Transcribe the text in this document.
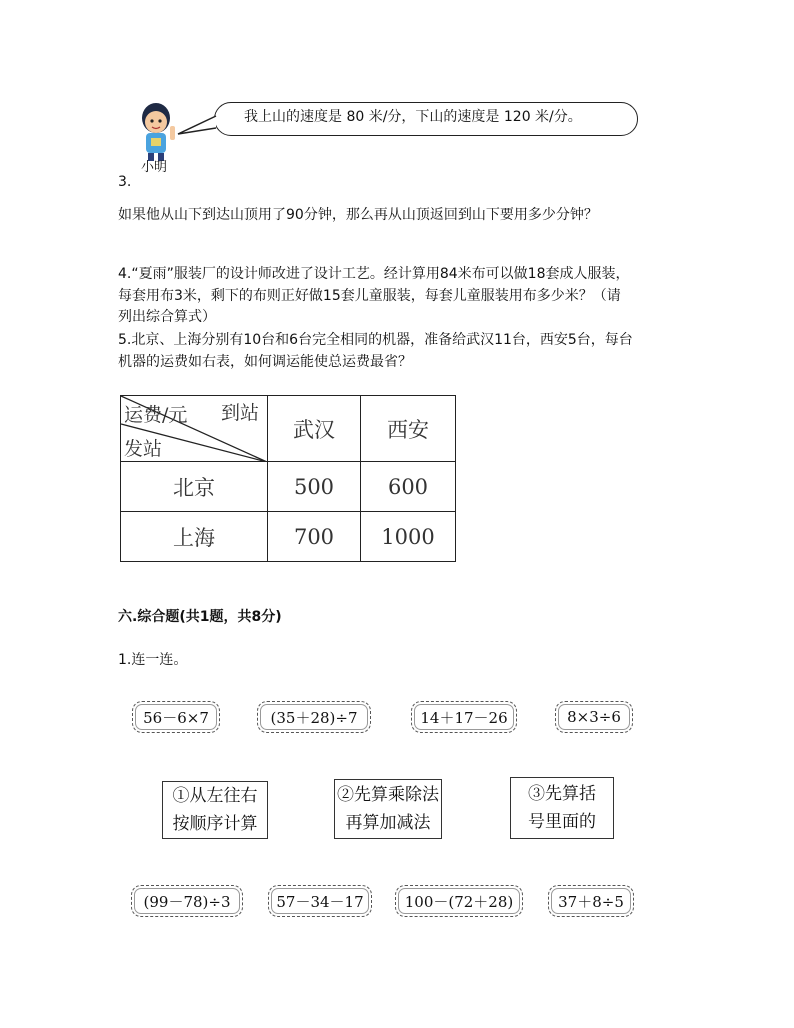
小明
我上山的速度是 80 米/分，下山的速度是 120 米/分。
3.
如果他从山下到达山顶用了90分钟，那么再从山顶返回到山下要用多少分钟？
4.“夏雨”服装厂的设计师改进了设计工艺。经计算用84米布可以做18套成人服装，
每套用布3米，剩下的布则正好做15套儿童服装，每套儿童服装用布多少米？（请
列出综合算式）
5.北京、上海分别有10台和6台完全相同的机器，准备给武汉11台，西安5台，每台
机器的运费如右表，如何调运能使总运费最省？
运费/元 到站
发站	武汉	西安
北京	500	600
上海	700	1000
六.综合题(共1题，共8分)
1.连一连。
56－6×7	(35＋28)÷7	14＋17－26	8×3÷6
①从左往右
按顺序计算
②先算乘除法
再算加减法
③先算括
号里面的
(99－78)÷3	57－34－17	100－(72＋28)	37＋8÷5
